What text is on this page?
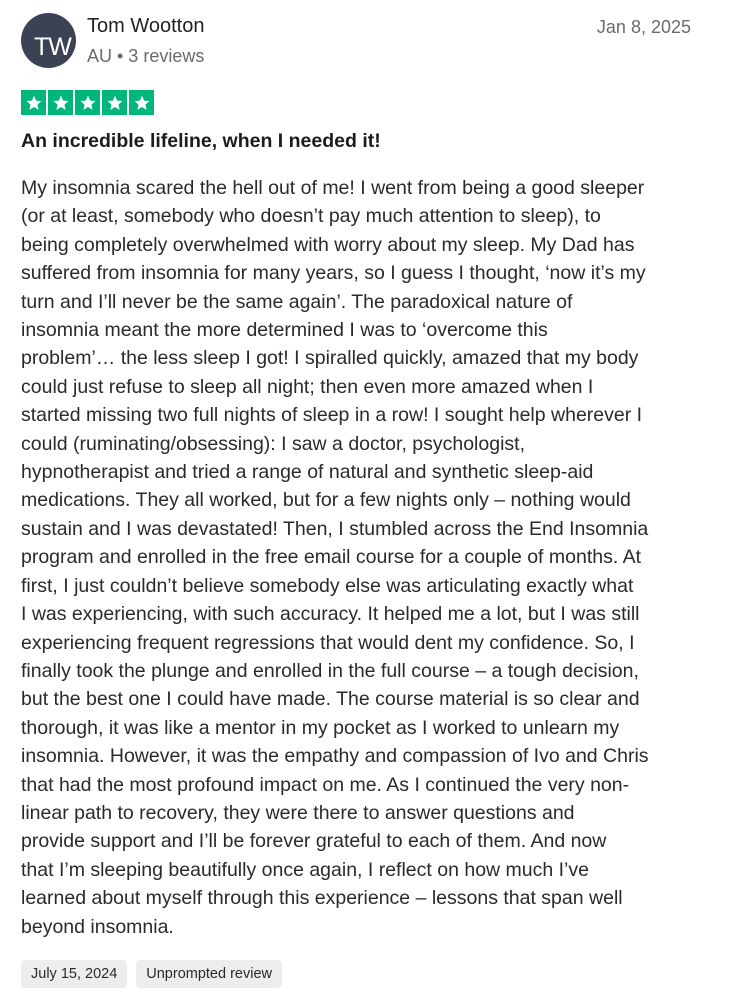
TW
Tom Wootton
AU • 3 reviews
Jan 8, 2025
An incredible lifeline, when I needed it!
My insomnia scared the hell out of me! I went from being a good sleeper
(or at least, somebody who doesn’t pay much attention to sleep), to
being completely overwhelmed with worry about my sleep. My Dad has
suffered from insomnia for many years, so I guess I thought, ‘now it’s my
turn and I’ll never be the same again’. The paradoxical nature of
insomnia meant the more determined I was to ‘overcome this
problem’… the less sleep I got! I spiralled quickly, amazed that my body
could just refuse to sleep all night; then even more amazed when I
started missing two full nights of sleep in a row! I sought help wherever I
could (ruminating/obsessing): I saw a doctor, psychologist,
hypnotherapist and tried a range of natural and synthetic sleep-aid
medications. They all worked, but for a few nights only – nothing would
sustain and I was devastated! Then, I stumbled across the End Insomnia
program and enrolled in the free email course for a couple of months. At
first, I just couldn’t believe somebody else was articulating exactly what
I was experiencing, with such accuracy. It helped me a lot, but I was still
experiencing frequent regressions that would dent my confidence. So, I
finally took the plunge and enrolled in the full course – a tough decision,
but the best one I could have made. The course material is so clear and
thorough, it was like a mentor in my pocket as I worked to unlearn my
insomnia. However, it was the empathy and compassion of Ivo and Chris
that had the most profound impact on me. As I continued the very non-
linear path to recovery, they were there to answer questions and
provide support and I’ll be forever grateful to each of them. And now
that I’m sleeping beautifully once again, I reflect on how much I’ve
learned about myself through this experience – lessons that span well
beyond insomnia.
July 15, 2024	Unprompted review
